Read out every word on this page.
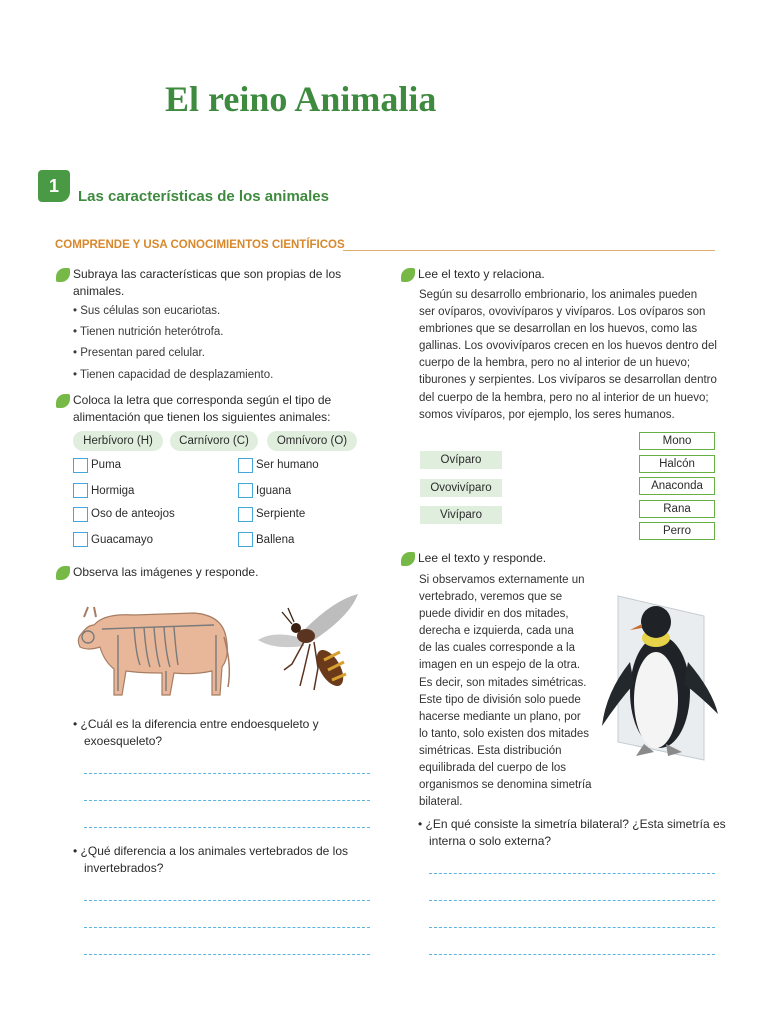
El reino Animalia
1
Las características de los animales
COMPRENDE Y USA CONOCIMIENTOS CIENTÍFICOS
Subraya las características que son propias de los
animales.
• Sus células son eucariotas.
• Tienen nutrición heterótrofa.
• Presentan pared celular.
• Tienen capacidad de desplazamiento.
Coloca la letra que corresponda según el tipo de
alimentación que tienen los siguientes animales:
Herbívoro (H)	Carnívoro (C)	Omnívoro (O)
Puma
Hormiga
Oso de anteojos
Guacamayo
Ser humano
Iguana
Serpiente
Ballena
Observa las imágenes y responde.
• ¿Cuál es la diferencia entre endoesqueleto y
exoesqueleto?
• ¿Qué diferencia a los animales vertebrados de los
invertebrados?
Lee el texto y relaciona.
Según su desarrollo embrionario, los animales pueden
ser ovíparos, ovovivíparos y vivíparos. Los ovíparos son
embriones que se desarrollan en los huevos, como las
gallinas. Los ovovivíparos crecen en los huevos dentro del
cuerpo de la hembra, pero no al interior de un huevo;
tiburones y serpientes. Los vivíparos se desarrollan dentro
del cuerpo de la hembra, pero no al interior de un huevo;
somos vivíparos, por ejemplo, los seres humanos.
Ovíparo
Ovovivíparo
Vivíparo
Mono
Halcón
Anaconda
Rana
Perro
Lee el texto y responde.
Si observamos externamente un
vertebrado, veremos que se
puede dividir en dos mitades,
derecha e izquierda, cada una
de las cuales corresponde a la
imagen en un espejo de la otra.
Es decir, son mitades simétricas.
Este tipo de división solo puede
hacerse mediante un plano, por
lo tanto, solo existen dos mitades
simétricas. Esta distribución
equilibrada del cuerpo de los
organismos se denomina simetría
bilateral.
• ¿En qué consiste la simetría bilateral? ¿Esta simetría es
interna o solo externa?
